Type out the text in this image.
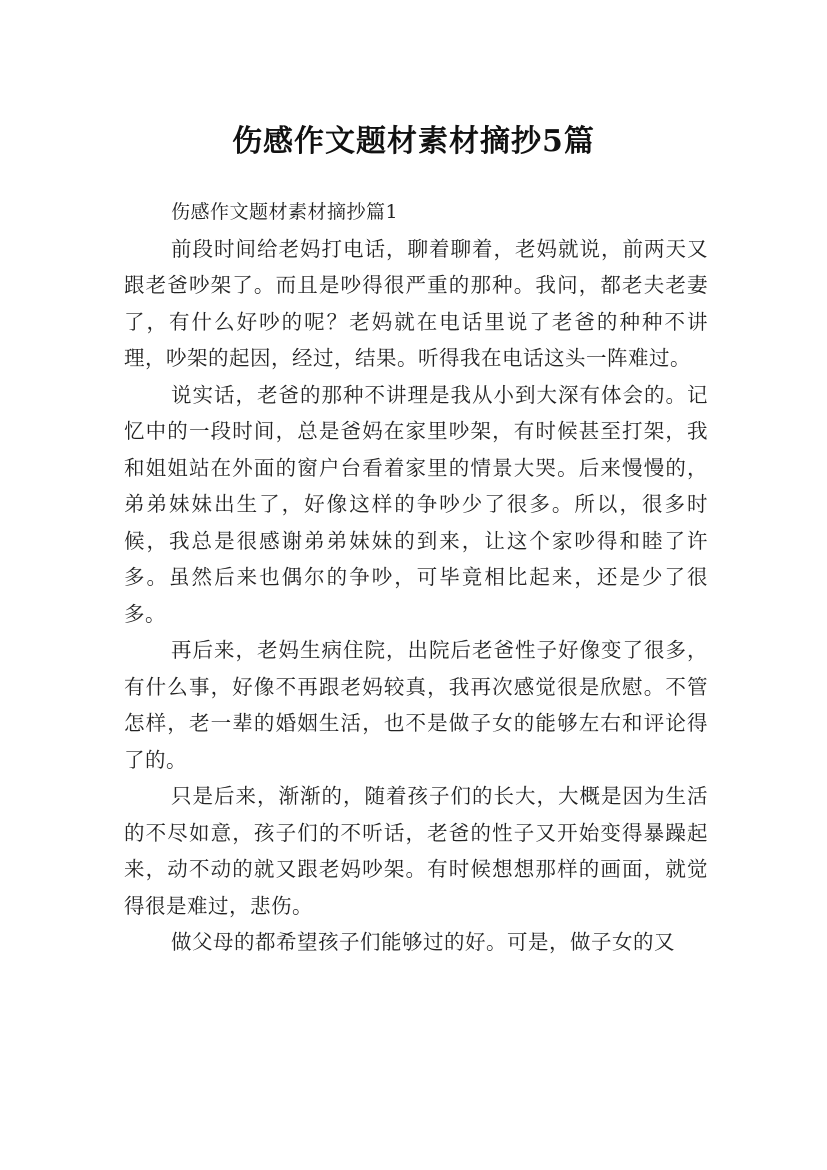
伤感作文题材素材摘抄5篇

伤感作文题材素材摘抄篇1

前段时间给老妈打电话，聊着聊着，老妈就说，前两天又跟老爸吵架了。而且是吵得很严重的那种。我问，都老夫老妻了，有什么好吵的呢？老妈就在电话里说了老爸的种种不讲理，吵架的起因，经过，结果。听得我在电话这头一阵难过。

说实话，老爸的那种不讲理是我从小到大深有体会的。记忆中的一段时间，总是爸妈在家里吵架，有时候甚至打架，我和姐姐站在外面的窗户台看着家里的情景大哭。后来慢慢的，弟弟妹妹出生了，好像这样的争吵少了很多。所以，很多时候，我总是很感谢弟弟妹妹的到来，让这个家吵得和睦了许多。虽然后来也偶尔的争吵，可毕竟相比起来，还是少了很多。

再后来，老妈生病住院，出院后老爸性子好像变了很多，有什么事，好像不再跟老妈较真，我再次感觉很是欣慰。不管怎样，老一辈的婚姻生活，也不是做子女的能够左右和评论得了的。

只是后来，渐渐的，随着孩子们的长大，大概是因为生活的不尽如意，孩子们的不听话，老爸的性子又开始变得暴躁起来，动不动的就又跟老妈吵架。有时候想想那样的画面，就觉得很是难过，悲伤。

做父母的都希望孩子们能够过的好。可是，做子女的又
